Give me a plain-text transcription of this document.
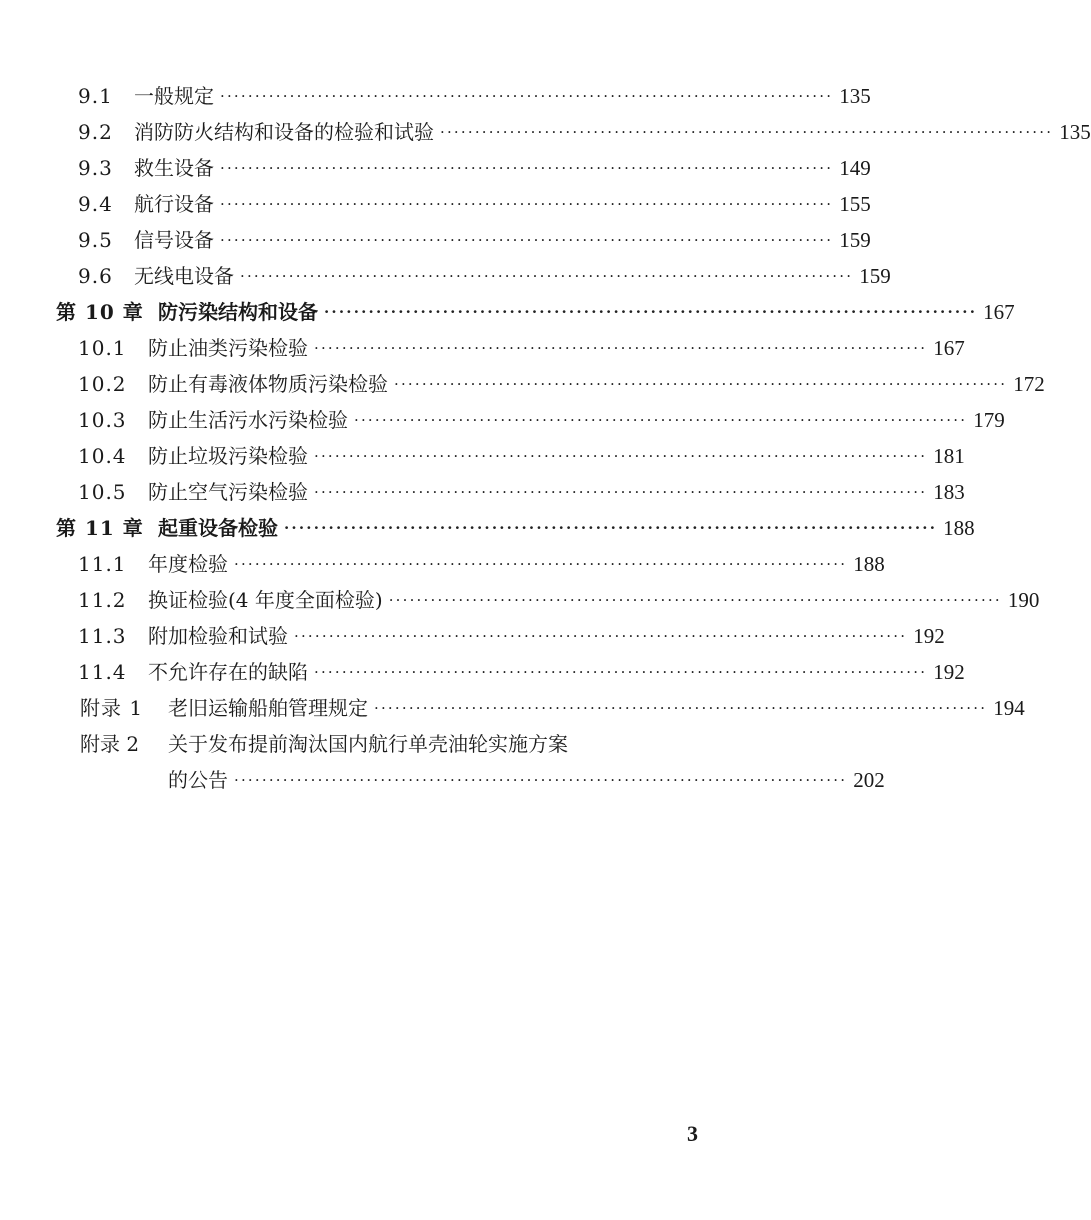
9.1	一般规定 ························································································ 135
9.2	消防防火结构和设备的检验和试验 ························································································ 135
9.3	救生设备 ························································································ 149
9.4	航行设备 ························································································ 155
9.5	信号设备 ························································································ 159
9.6	无线电设备 ························································································ 159
第 10 章 防污染结构和设备 ························································································ 167
10.1	防止油类污染检验 ························································································ 167
10.2	防止有毒液体物质污染检验 ························································································ 172
10.3	防止生活污水污染检验 ························································································ 179
10.4	防止垃圾污染检验 ························································································ 181
10.5	防止空气污染检验 ························································································ 183
第 11 章 起重设备检验 ························································································ 188
11.1	年度检验 ························································································ 188
11.2	换证检验(4 年度全面检验) ························································································ 190
11.3	附加检验和试验 ························································································ 192
11.4	不允许存在的缺陷 ························································································ 192
附录 1	老旧运输船舶管理规定 ························································································ 194
附录 2 关于发布提前淘汰国内航行单壳油轮实施方案
的公告 ························································································ 202
3
